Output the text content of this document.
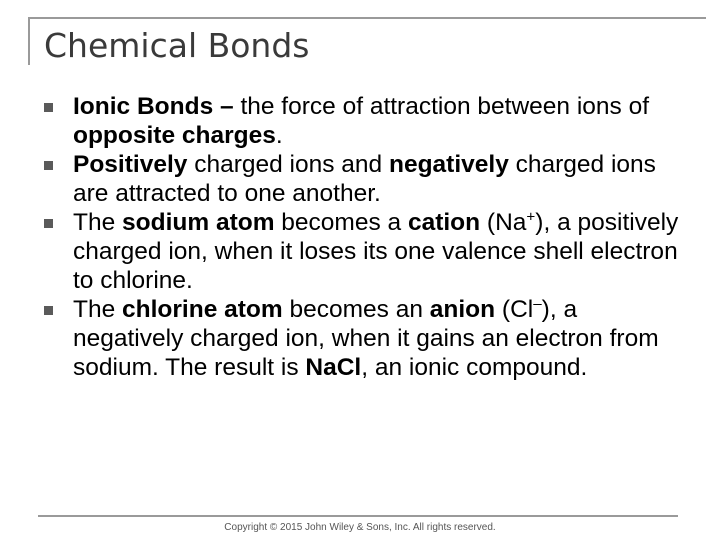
Chemical Bonds
Ionic Bonds – the force of attraction between ions of opposite charges.
Positively charged ions and negatively charged ions are attracted to one another.
The sodium atom becomes a cation (Na+), a positively charged ion, when it loses its one valence shell electron to chlorine.
The chlorine atom becomes an anion (Cl–), a negatively charged ion, when it gains an electron from sodium. The result is NaCl, an ionic compound.
Copyright © 2015 John Wiley & Sons, Inc. All rights reserved.
